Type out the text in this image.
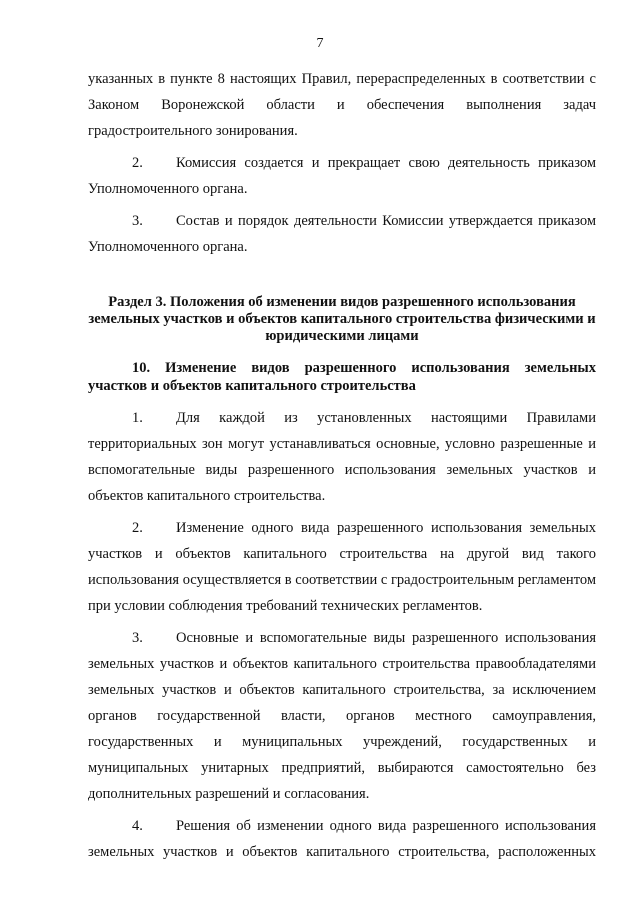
7

указанных в пункте 8 настоящих Правил, перераспределенных в соответствии с Законом Воронежской области и обеспечения выполнения задач градостроительного зонирования.

2. Комиссия создается и прекращает свою деятельность приказом Уполномоченного органа.

3. Состав и порядок деятельности Комиссии утверждается приказом Уполномоченного органа.

Раздел 3. Положения об изменении видов разрешенного использования земельных участков и объектов капитального строительства физическими и юридическими лицами
10. Изменение видов разрешенного использования земельных участков и объектов капитального строительства

1. Для каждой из установленных настоящими Правилами территориальных зон могут устанавливаться основные, условно разрешенные и вспомогательные виды разрешенного использования земельных участков и объектов капитального строительства.

2. Изменение одного вида разрешенного использования земельных участков и объектов капитального строительства на другой вид такого использования осуществляется в соответствии с градостроительным регламентом при условии соблюдения требований технических регламентов.

3. Основные и вспомогательные виды разрешенного использования земельных участков и объектов капитального строительства правообладателями земельных участков и объектов капитального строительства, за исключением органов государственной власти, органов местного самоуправления, государственных и муниципальных учреждений, государственных и муниципальных унитарных предприятий, выбираются самостоятельно без дополнительных разрешений и согласования.

4. Решения об изменении одного вида разрешенного использования земельных участков и объектов капитального строительства, расположенных
